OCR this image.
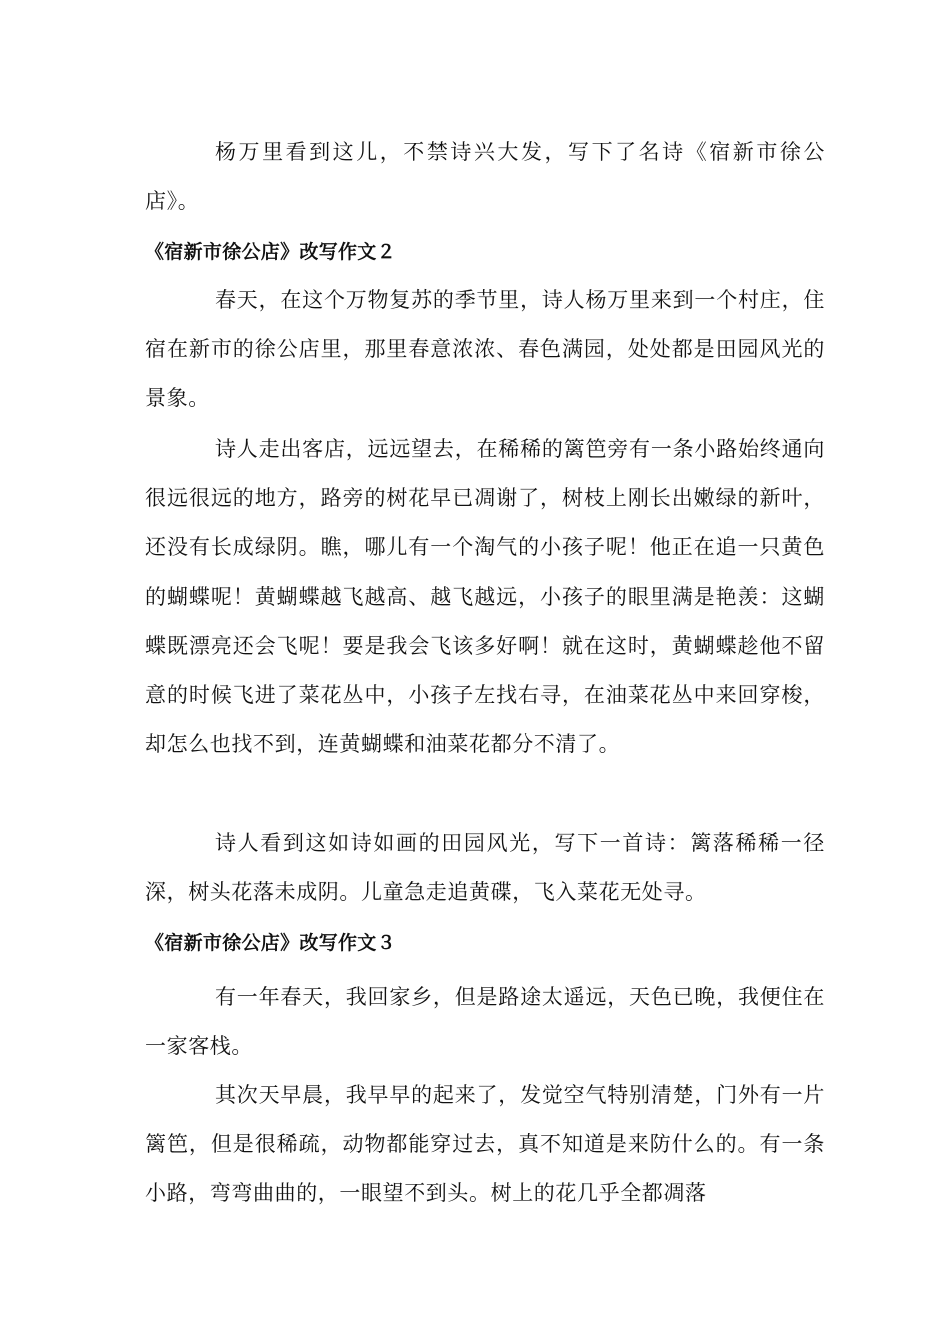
杨万里看到这儿，不禁诗兴大发，写下了名诗《宿新市徐公店》。

《宿新市徐公店》改写作文２

春天，在这个万物复苏的季节里，诗人杨万里来到一个村庄，住宿在新市的徐公店里，那里春意浓浓、春色满园，处处都是田园风光的景象。

诗人走出客店，远远望去，在稀稀的篱笆旁有一条小路始终通向很远很远的地方，路旁的树花早已凋谢了，树枝上刚长出嫩绿的新叶，还没有长成绿阴。瞧，哪儿有一个淘气的小孩子呢！他正在追一只黄色的蝴蝶呢！黄蝴蝶越飞越高、越飞越远，小孩子的眼里满是艳羡：这蝴蝶既漂亮还会飞呢！要是我会飞该多好啊！就在这时，黄蝴蝶趁他不留意的时候飞进了菜花丛中，小孩子左找右寻，在油菜花丛中来回穿梭，却怎么也找不到，连黄蝴蝶和油菜花都分不清了。

诗人看到这如诗如画的田园风光，写下一首诗：篱落稀稀一径深，树头花落未成阴。儿童急走追黄碟，飞入菜花无处寻。

《宿新市徐公店》改写作文３

有一年春天，我回家乡，但是路途太遥远，天色已晚，我便住在一家客栈。

其次天早晨，我早早的起来了，发觉空气特别清楚，门外有一片篱笆，但是很稀疏，动物都能穿过去，真不知道是来防什么的。有一条小路，弯弯曲曲的，一眼望不到头。树上的花几乎全都凋落
